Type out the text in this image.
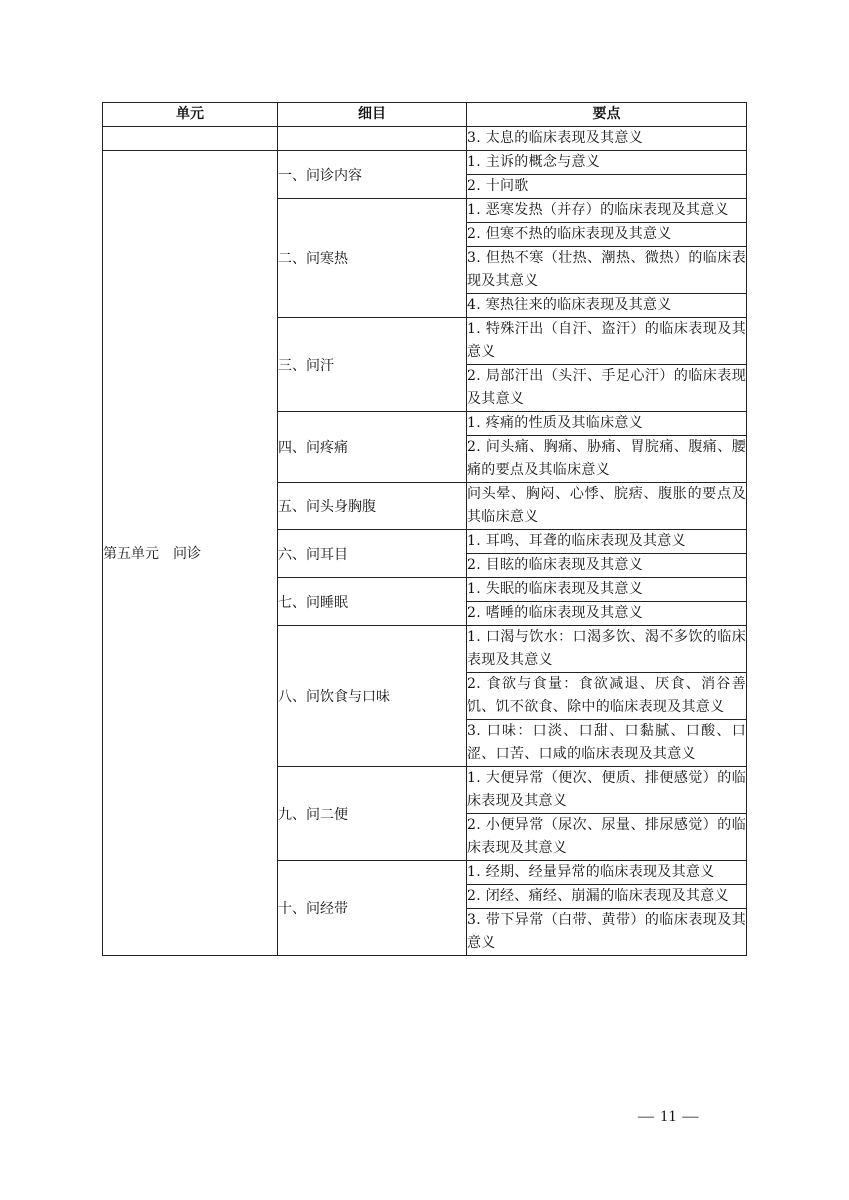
单元	细目	要点
		3. 太息的临床表现及其意义
第五单元　问诊	一、问诊内容	1. 主诉的概念与意义
		2. 十问歌
	二、问寒热	1. 恶寒发热（并存）的临床表现及其意义
		2. 但寒不热的临床表现及其意义
		3. 但热不寒（壮热、潮热、微热）的临床表现及其意义
		4. 寒热往来的临床表现及其意义
	三、问汗	1. 特殊汗出（自汗、盗汗）的临床表现及其意义
		2. 局部汗出（头汗、手足心汗）的临床表现及其意义
	四、问疼痛	1. 疼痛的性质及其临床意义
		2. 问头痛、胸痛、胁痛、胃脘痛、腹痛、腰痛的要点及其临床意义
	五、问头身胸腹	问头晕、胸闷、心悸、脘痞、腹胀的要点及其临床意义
	六、问耳目	1. 耳鸣、耳聋的临床表现及其意义
		2. 目眩的临床表现及其意义
	七、问睡眠	1. 失眠的临床表现及其意义
		2. 嗜睡的临床表现及其意义
	八、问饮食与口味	1. 口渴与饮水：口渴多饮、渴不多饮的临床表现及其意义
		2. 食欲与食量：食欲减退、厌食、消谷善饥、饥不欲食、除中的临床表现及其意义
		3. 口味：口淡、口甜、口黏腻、口酸、口涩、口苦、口咸的临床表现及其意义
	九、问二便	1. 大便异常（便次、便质、排便感觉）的临床表现及其意义
		2. 小便异常（尿次、尿量、排尿感觉）的临床表现及其意义
	十、问经带	1. 经期、经量异常的临床表现及其意义
		2. 闭经、痛经、崩漏的临床表现及其意义
		3. 带下异常（白带、黄带）的临床表现及其意义
— 11 —
